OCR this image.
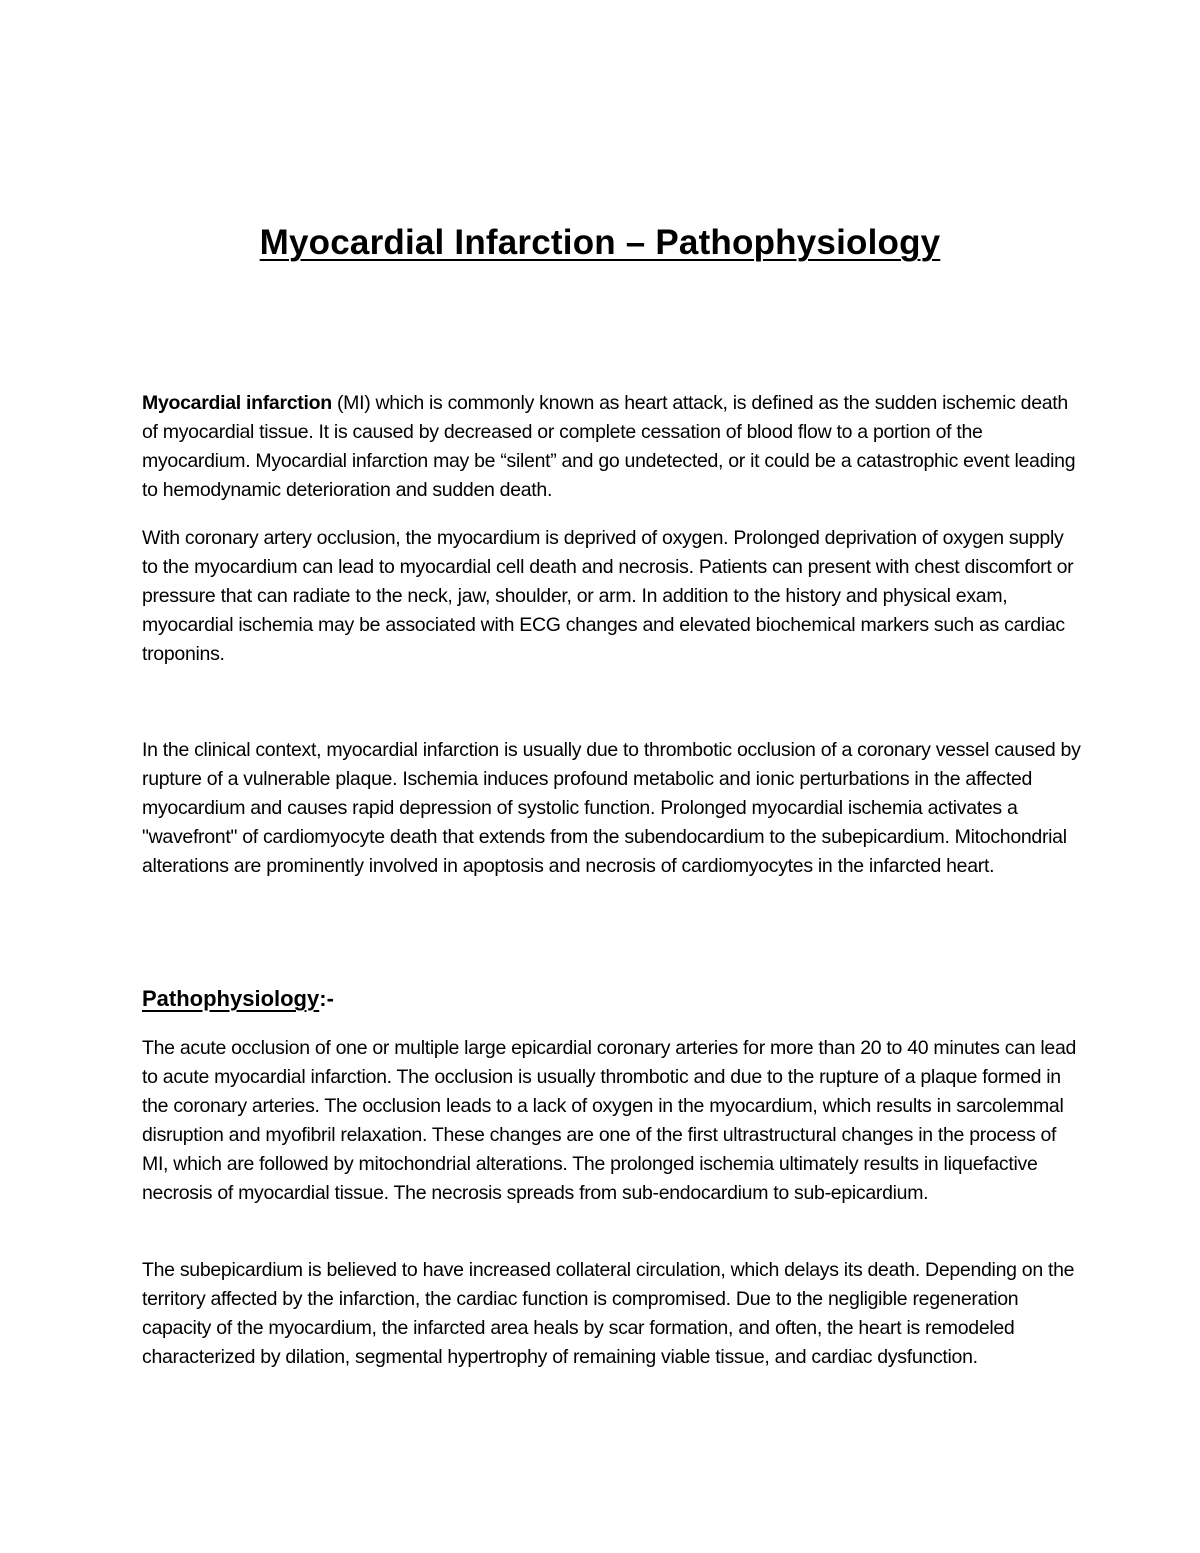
Myocardial Infarction – Pathophysiology

Myocardial infarction (MI) which is commonly known as heart attack, is defined as the sudden ischemic death of myocardial tissue. It is caused by decreased or complete cessation of blood flow to a portion of the myocardium. Myocardial infarction may be “silent” and go undetected, or it could be a catastrophic event leading to hemodynamic deterioration and sudden death.

With coronary artery occlusion, the myocardium is deprived of oxygen. Prolonged deprivation of oxygen supply to the myocardium can lead to myocardial cell death and necrosis. Patients can present with chest discomfort or pressure that can radiate to the neck, jaw, shoulder, or arm. In addition to the history and physical exam, myocardial ischemia may be associated with ECG changes and elevated biochemical markers such as cardiac troponins.

In the clinical context, myocardial infarction is usually due to thrombotic occlusion of a coronary vessel caused by rupture of a vulnerable plaque. Ischemia induces profound metabolic and ionic perturbations in the affected myocardium and causes rapid depression of systolic function. Prolonged myocardial ischemia activates a "wavefront" of cardiomyocyte death that extends from the subendocardium to the subepicardium. Mitochondrial alterations are prominently involved in apoptosis and necrosis of cardiomyocytes in the infarcted heart.

Pathophysiology:-

The acute occlusion of one or multiple large epicardial coronary arteries for more than 20 to 40 minutes can lead to acute myocardial infarction. The occlusion is usually thrombotic and due to the rupture of a plaque formed in the coronary arteries. The occlusion leads to a lack of oxygen in the myocardium, which results in sarcolemmal disruption and myofibril relaxation. These changes are one of the first ultrastructural changes in the process of MI, which are followed by mitochondrial alterations. The prolonged ischemia ultimately results in liquefactive necrosis of myocardial tissue. The necrosis spreads from sub-endocardium to sub-epicardium.

The subepicardium is believed to have increased collateral circulation, which delays its death. Depending on the territory affected by the infarction, the cardiac function is compromised. Due to the negligible regeneration capacity of the myocardium, the infarcted area heals by scar formation, and often, the heart is remodeled characterized by dilation, segmental hypertrophy of remaining viable tissue, and cardiac dysfunction.
